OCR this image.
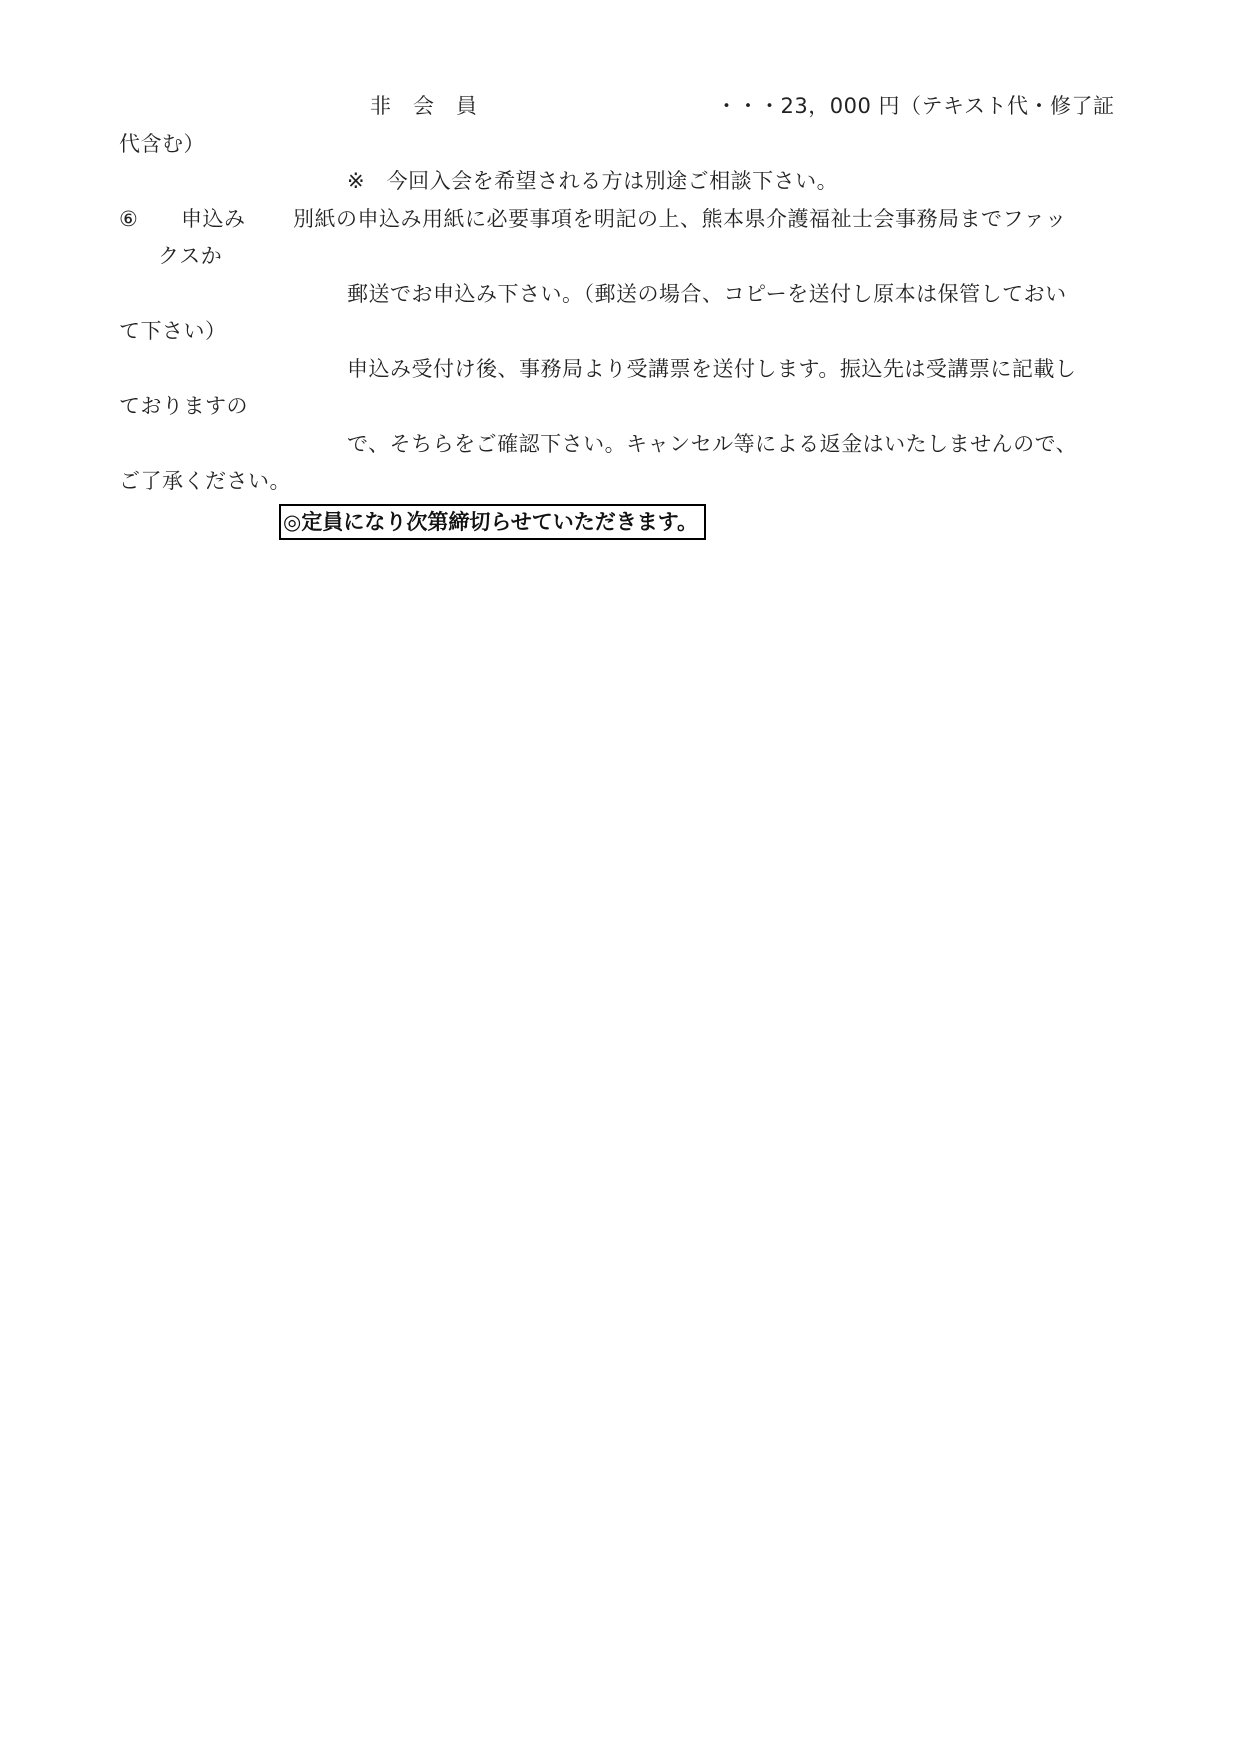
非　会　員	・・・23，000 円（テキスト代・修了証
代含む）
※　今回入会を希望される方は別途ご相談下さい。
⑥ 申込み 別紙の申込み用紙に必要事項を明記の上、熊本県介護福祉士会事務局までファッ
クスか
郵送でお申込み下さい。（郵送の場合、コピーを送付し原本は保管しておい
て下さい）
申込み受付け後、事務局より受講票を送付します。振込先は受講票に記載し
ておりますの
で、そちらをご確認下さい。キャンセル等による返金はいたしませんので、
ご了承ください。
◎定員になり次第締切らせていただきます。
